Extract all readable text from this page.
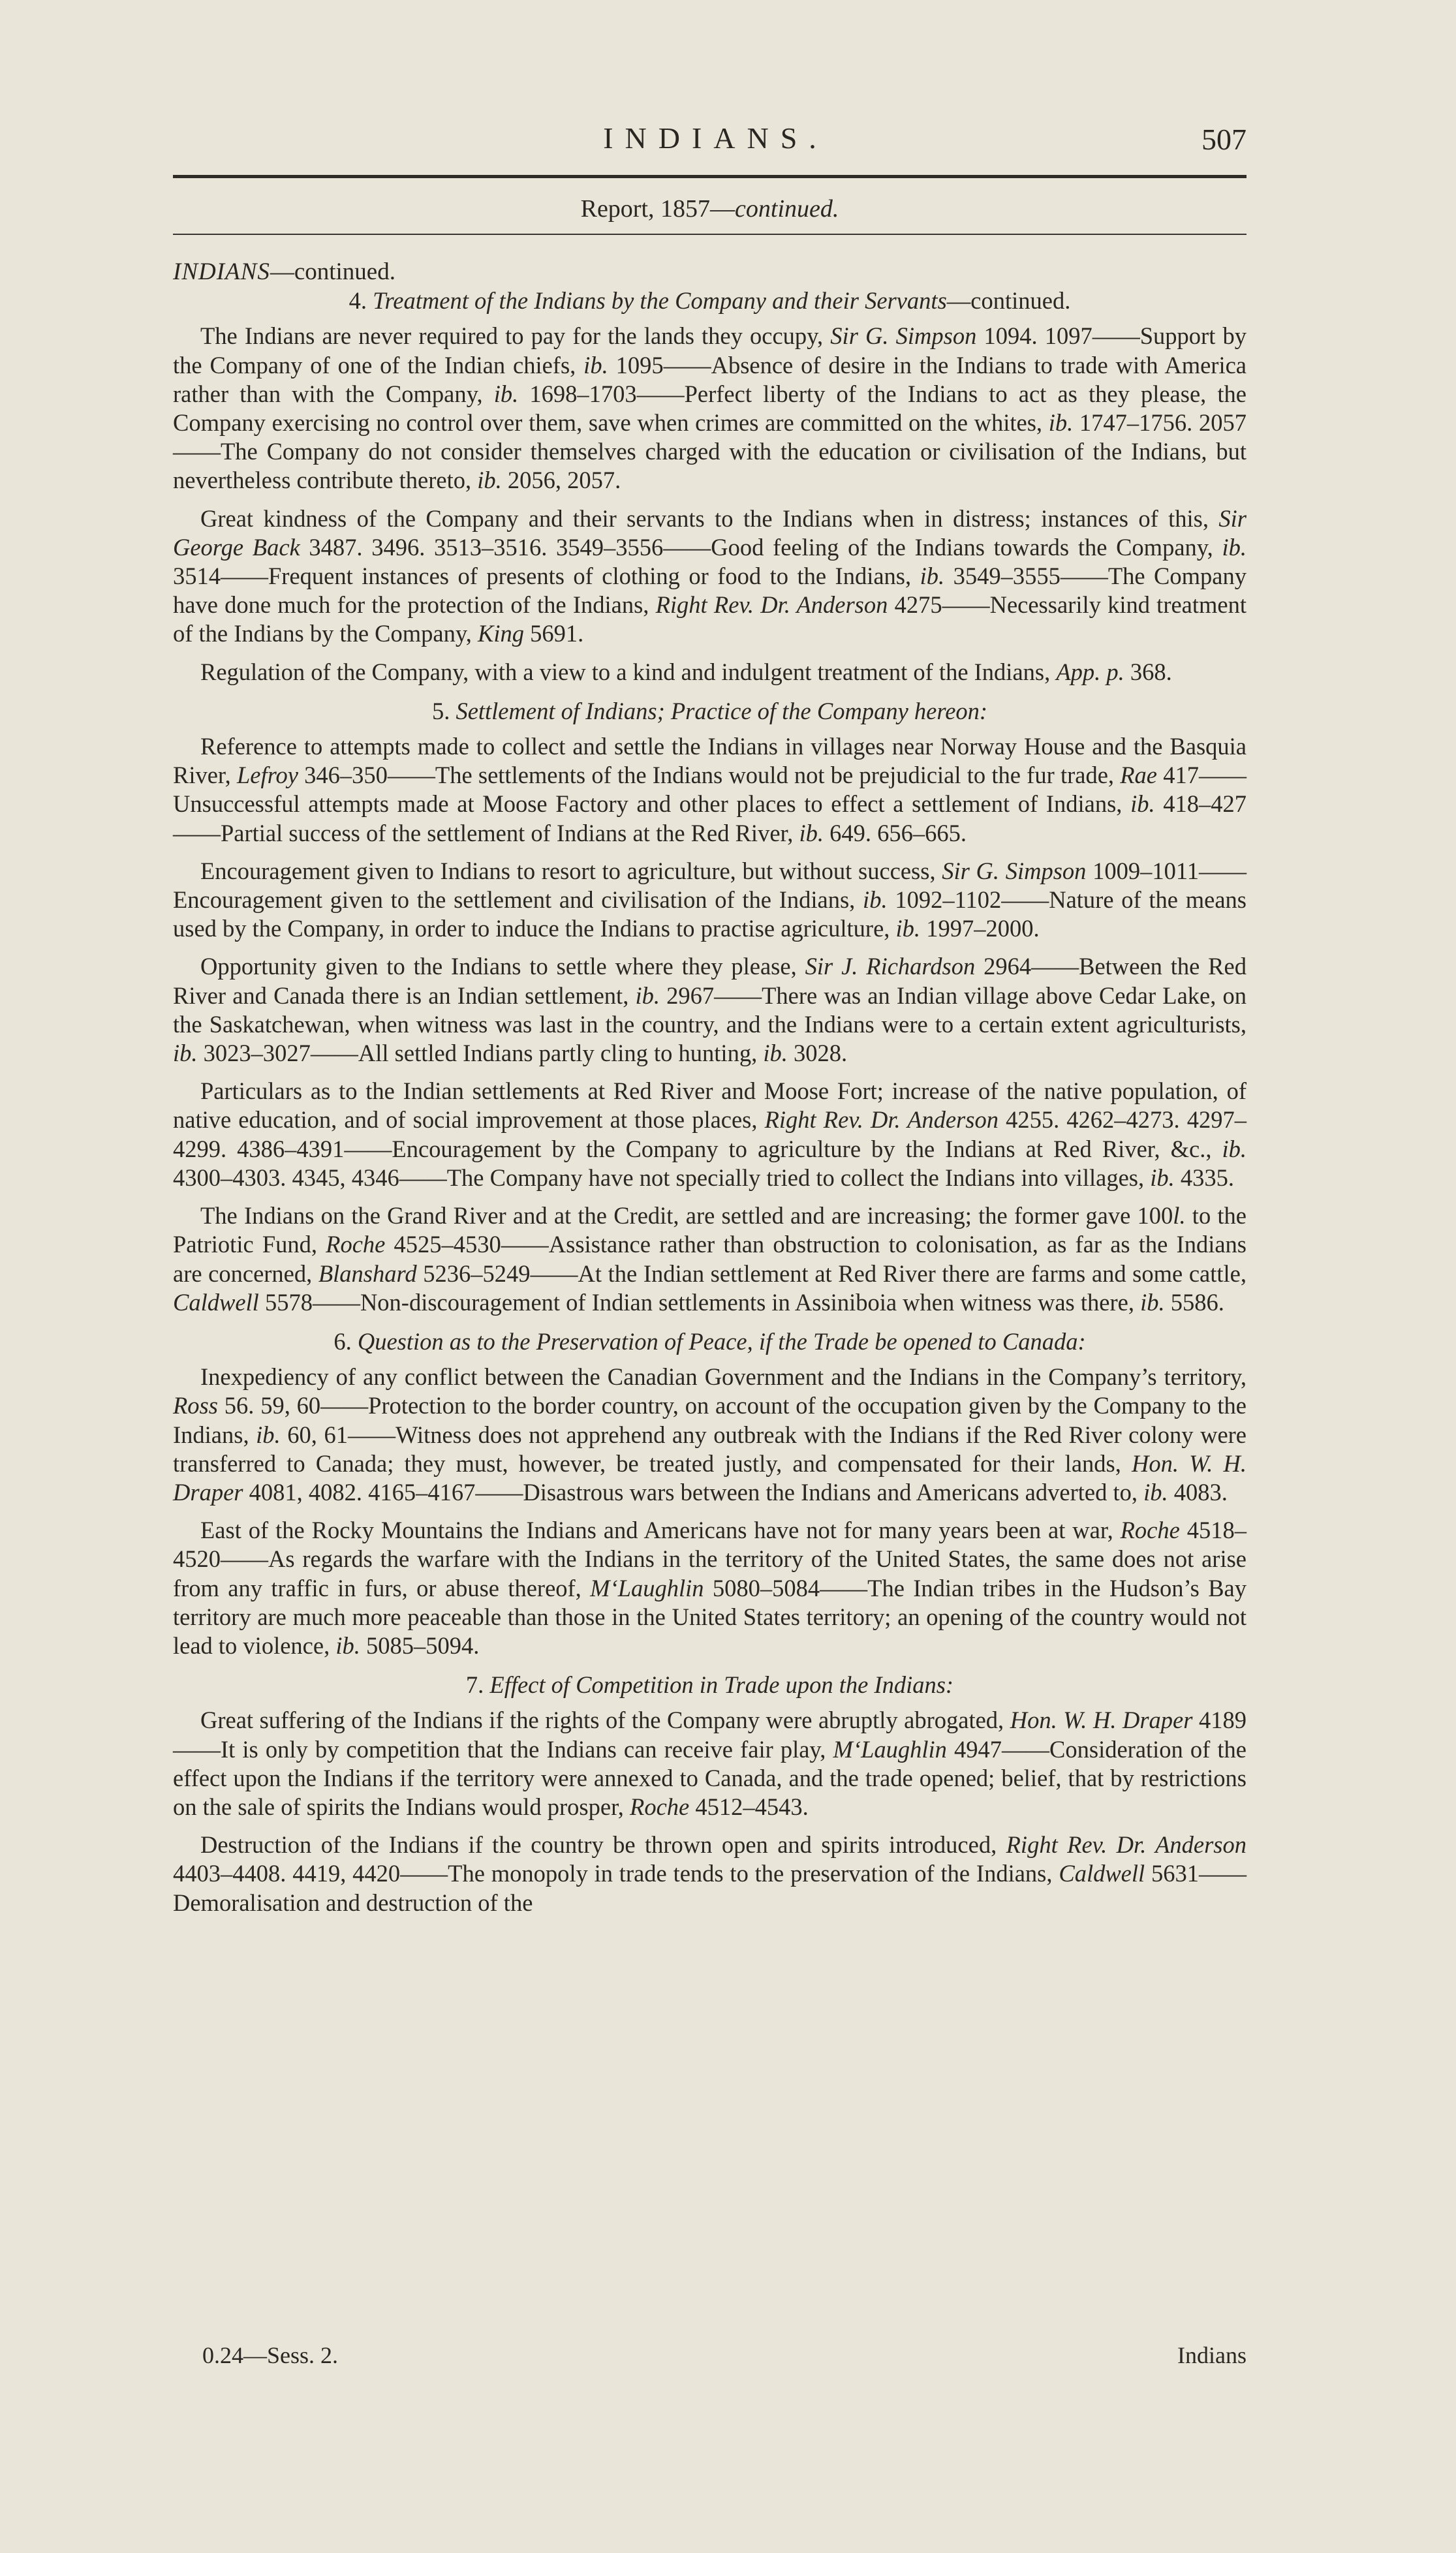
INDIANS.	507
Report, 1857—continued.

INDIANS—continued.

4. Treatment of the Indians by the Company and their Servants—continued.

The Indians are never required to pay for the lands they occupy, Sir G. Simpson 1094. 1097——Support by the Company of one of the Indian chiefs, ib. 1095——Absence of desire in the Indians to trade with America rather than with the Company, ib. 1698–1703——Perfect liberty of the Indians to act as they please, the Company exercising no control over them, save when crimes are committed on the whites, ib. 1747–1756. 2057——The Company do not consider themselves charged with the education or civilisation of the Indians, but nevertheless contribute thereto, ib. 2056, 2057.

Great kindness of the Company and their servants to the Indians when in distress; instances of this, Sir George Back 3487. 3496. 3513–3516. 3549–3556——Good feeling of the Indians towards the Company, ib. 3514——Frequent instances of presents of clothing or food to the Indians, ib. 3549–3555——The Company have done much for the protection of the Indians, Right Rev. Dr. Anderson 4275——Necessarily kind treatment of the Indians by the Company, King 5691.

Regulation of the Company, with a view to a kind and indulgent treatment of the Indians, App. p. 368.

5. Settlement of Indians; Practice of the Company hereon:

Reference to attempts made to collect and settle the Indians in villages near Norway House and the Basquia River, Lefroy 346–350——The settlements of the Indians would not be prejudicial to the fur trade, Rae 417——Unsuccessful attempts made at Moose Factory and other places to effect a settlement of Indians, ib. 418–427——Partial success of the settlement of Indians at the Red River, ib. 649. 656–665.

Encouragement given to Indians to resort to agriculture, but without success, Sir G. Simpson 1009–1011——Encouragement given to the settlement and civilisation of the Indians, ib. 1092–1102——Nature of the means used by the Company, in order to induce the Indians to practise agriculture, ib. 1997–2000.

Opportunity given to the Indians to settle where they please, Sir J. Richardson 2964——Between the Red River and Canada there is an Indian settlement, ib. 2967——There was an Indian village above Cedar Lake, on the Saskatchewan, when witness was last in the country, and the Indians were to a certain extent agriculturists, ib. 3023–3027——All settled Indians partly cling to hunting, ib. 3028.

Particulars as to the Indian settlements at Red River and Moose Fort; increase of the native population, of native education, and of social improvement at those places, Right Rev. Dr. Anderson 4255. 4262–4273. 4297–4299. 4386–4391——Encouragement by the Company to agriculture by the Indians at Red River, &c., ib. 4300–4303. 4345, 4346——The Company have not specially tried to collect the Indians into villages, ib. 4335.

The Indians on the Grand River and at the Credit, are settled and are increasing; the former gave 100l. to the Patriotic Fund, Roche 4525–4530——Assistance rather than obstruction to colonisation, as far as the Indians are concerned, Blanshard 5236–5249——At the Indian settlement at Red River there are farms and some cattle, Caldwell 5578——Non-discouragement of Indian settlements in Assiniboia when witness was there, ib. 5586.

6. Question as to the Preservation of Peace, if the Trade be opened to Canada:

Inexpediency of any conflict between the Canadian Government and the Indians in the Company’s territory, Ross 56. 59, 60——Protection to the border country, on account of the occupation given by the Company to the Indians, ib. 60, 61——Witness does not apprehend any outbreak with the Indians if the Red River colony were transferred to Canada; they must, however, be treated justly, and compensated for their lands, Hon. W. H. Draper 4081, 4082. 4165–4167——Disastrous wars between the Indians and Americans adverted to, ib. 4083.

East of the Rocky Mountains the Indians and Americans have not for many years been at war, Roche 4518–4520——As regards the warfare with the Indians in the territory of the United States, the same does not arise from any traffic in furs, or abuse thereof, M‘Laughlin 5080–5084——The Indian tribes in the Hudson’s Bay territory are much more peaceable than those in the United States territory; an opening of the country would not lead to violence, ib. 5085–5094.

7. Effect of Competition in Trade upon the Indians:

Great suffering of the Indians if the rights of the Company were abruptly abrogated, Hon. W. H. Draper 4189——It is only by competition that the Indians can receive fair play, M‘Laughlin 4947——Consideration of the effect upon the Indians if the territory were annexed to Canada, and the trade opened; belief, that by restrictions on the sale of spirits the Indians would prosper, Roche 4512–4543.

Destruction of the Indians if the country be thrown open and spirits introduced, Right Rev. Dr. Anderson 4403–4408. 4419, 4420——The monopoly in trade tends to the preservation of the Indians, Caldwell 5631——Demoralisation and destruction of the

0.24—Sess. 2.	Indians
